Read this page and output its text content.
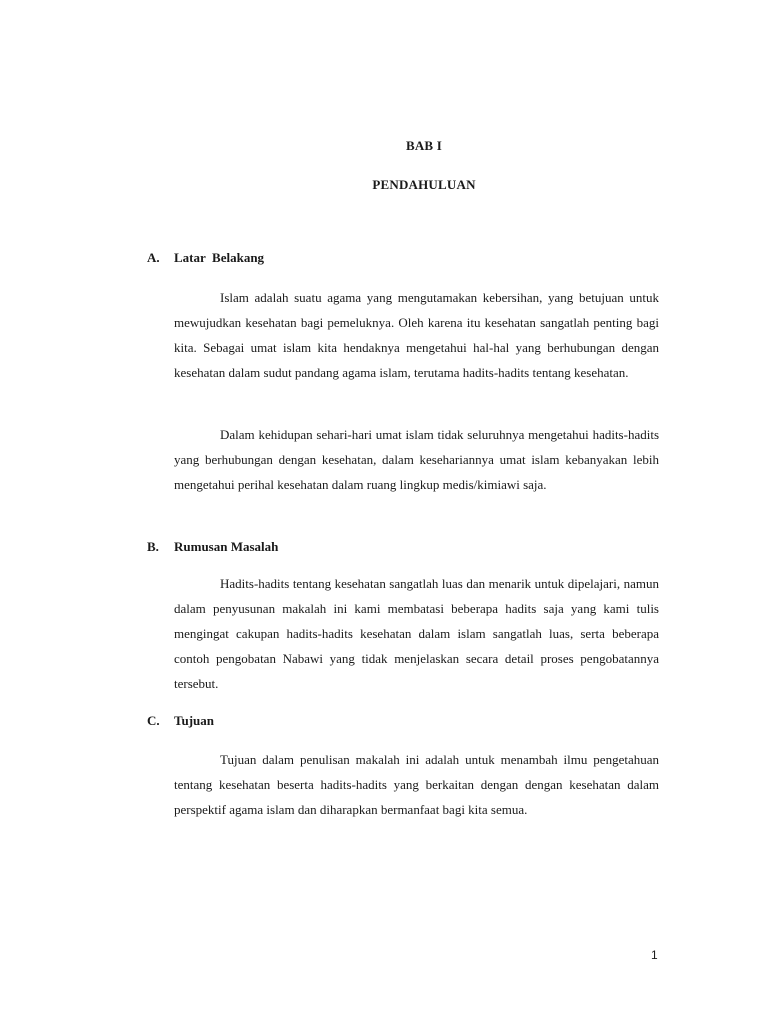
BAB I
PENDAHULUAN
A. Latar  Belakang

Islam adalah suatu agama yang mengutamakan kebersihan, yang betujuan untuk mewujudkan kesehatan bagi pemeluknya. Oleh karena itu kesehatan sangatlah penting bagi kita. Sebagai umat islam kita hendaknya mengetahui hal-hal yang berhubungan dengan kesehatan dalam sudut pandang agama islam, terutama hadits-hadits tentang kesehatan.

Dalam kehidupan sehari-hari umat islam tidak seluruhnya mengetahui hadits-hadits yang berhubungan dengan kesehatan, dalam kesehariannya umat islam kebanyakan lebih mengetahui perihal kesehatan dalam ruang lingkup medis/kimiawi saja.

B. Rumusan Masalah

Hadits-hadits tentang kesehatan sangatlah luas dan menarik untuk dipelajari, namun dalam penyusunan makalah ini kami membatasi beberapa hadits saja yang kami tulis mengingat cakupan hadits-hadits kesehatan dalam islam sangatlah luas, serta beberapa contoh pengobatan Nabawi yang tidak menjelaskan secara detail proses pengobatannya tersebut.

C. Tujuan

Tujuan dalam penulisan makalah ini adalah untuk menambah ilmu pengetahuan tentang kesehatan beserta hadits-hadits yang berkaitan dengan dengan kesehatan dalam perspektif agama islam dan diharapkan bermanfaat bagi kita semua.

1
